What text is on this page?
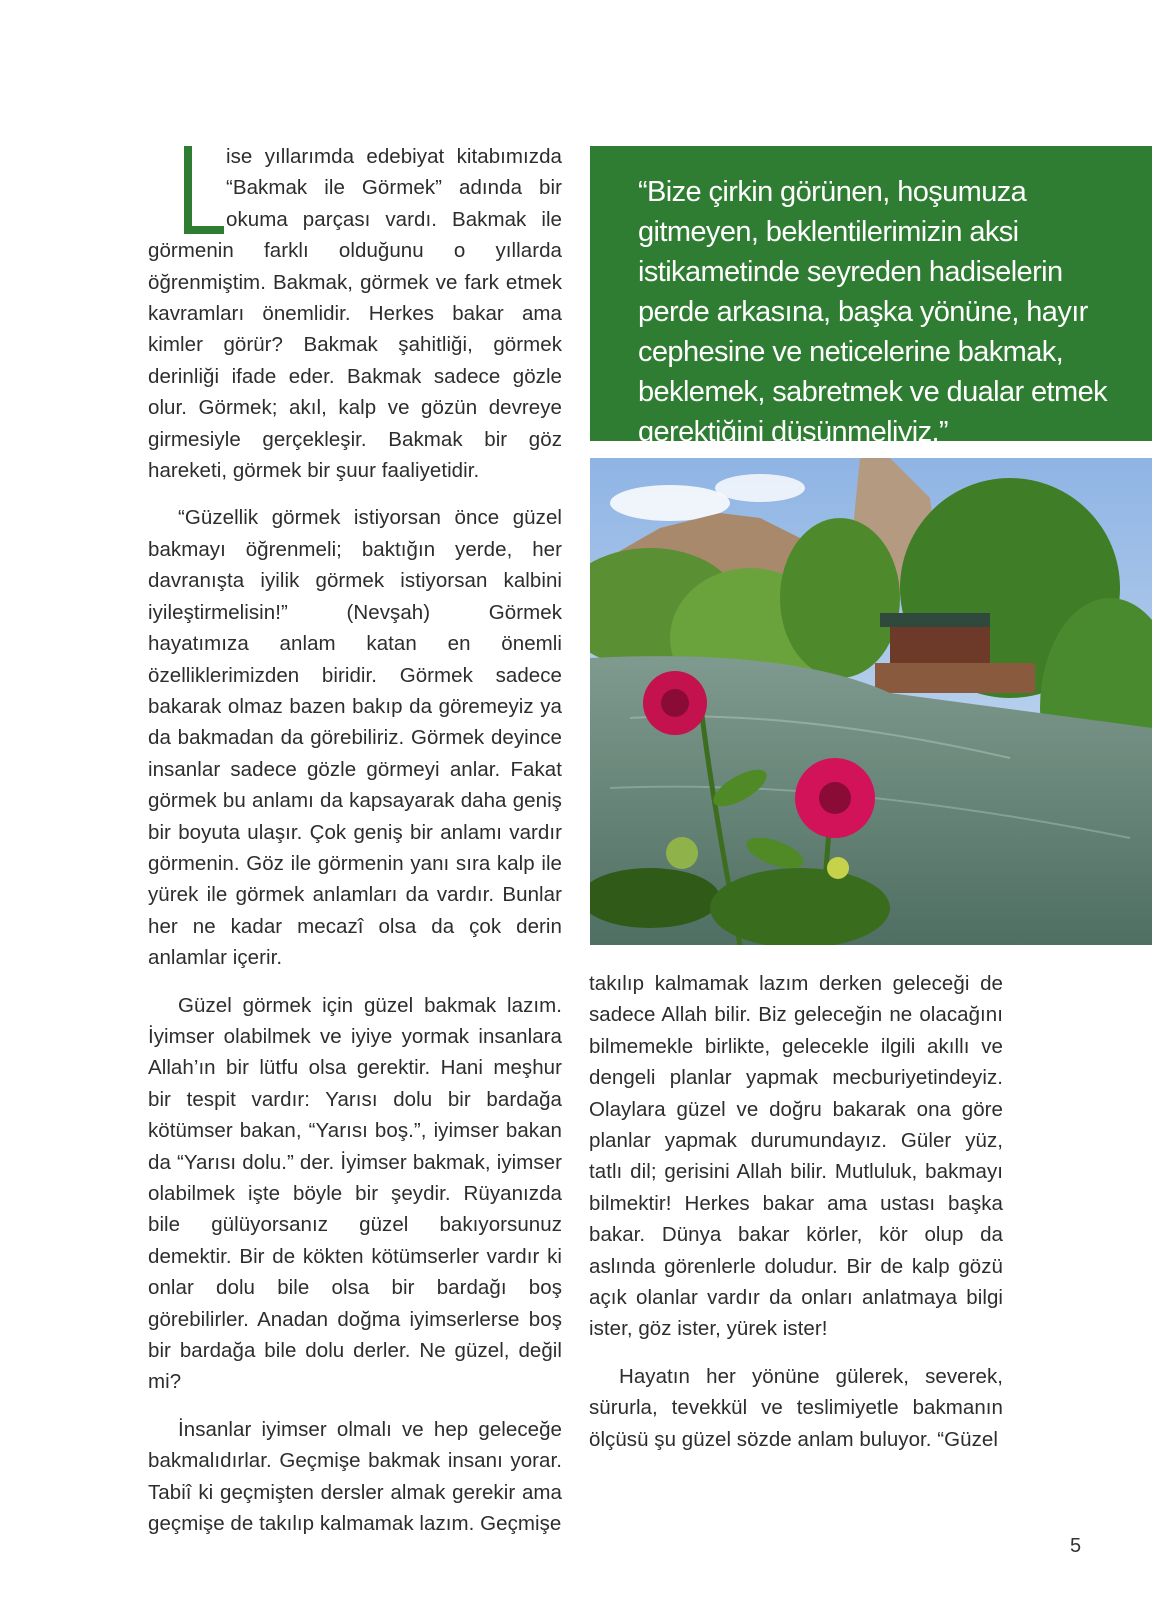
ise yıllarımda edebiyat kitabımızda “Bakmak ile Görmek” adında bir okuma parçası vardı. Bakmak ile görmenin farklı olduğunu o yıllarda öğrenmiştim. Bakmak, görmek ve fark etmek kavramları önemlidir. Herkes bakar ama kimler görür? Bakmak şahitliği, görmek derinliği ifade eder. Bakmak sadece gözle olur. Görmek; akıl, kalp ve gözün devreye girmesiyle gerçekleşir. Bakmak bir göz hareketi, görmek bir şuur faaliyetidir.

“Güzellik görmek istiyorsan önce güzel bakmayı öğrenmeli; baktığın yerde, her davranışta iyilik görmek istiyorsan kalbini iyileştirmelisin!” (Nevşah) Görmek hayatımıza anlam katan en önemli özelliklerimizden biridir. Görmek sadece bakarak olmaz bazen bakıp da göremeyiz ya da bakmadan da görebiliriz. Görmek deyince insanlar sadece gözle görmeyi anlar. Fakat görmek bu anlamı da kapsayarak daha geniş bir boyuta ulaşır. Çok geniş bir anlamı vardır görmenin. Göz ile görmenin yanı sıra kalp ile yürek ile görmek anlamları da vardır. Bunlar her ne kadar mecazî olsa da çok derin anlamlar içerir.

Güzel görmek için güzel bakmak lazım. İyimser olabilmek ve iyiye yormak insanlara Allah’ın bir lütfu olsa gerektir. Hani meşhur bir tespit vardır: Yarısı dolu bir bardağa kötümser bakan, “Yarısı boş.”, iyimser bakan da “Yarısı dolu.” der. İyimser bakmak, iyimser olabilmek işte böyle bir şeydir. Rüyanızda bile gülüyorsanız güzel bakıyorsunuz demektir. Bir de kökten kötümserler vardır ki onlar dolu bile olsa bir bardağı boş görebilirler. Anadan doğma iyimserlerse boş bir bardağa bile dolu derler. Ne güzel, değil mi?

İnsanlar iyimser olmalı ve hep geleceğe bakmalıdırlar. Geçmişe bakmak insanı yorar. Tabiî ki geçmişten dersler almak gerekir ama geçmişe de takılıp kalmamak lazım. Geçmişe

“Bize çirkin görünen, hoşumuza gitmeyen, beklentilerimizin aksi istikametinde seyreden hadiselerin perde arkasına, başka yönüne, hayır cephesine ve neticelerine bakmak, beklemek, sabretmek ve dualar etmek gerektiğini düşünmeliyiz.”

takılıp kalmamak lazım derken geleceği de sadece Allah bilir. Biz geleceğin ne olacağını bilmemekle birlikte, gelecekle ilgili akıllı ve dengeli planlar yapmak mecburiyetindeyiz. Olaylara güzel ve doğru bakarak ona göre planlar yapmak durumundayız. Güler yüz, tatlı dil; gerisini Allah bilir. Mutluluk, bakmayı bilmektir! Herkes bakar ama ustası başka bakar. Dünya bakar körler, kör olup da aslında görenlerle doludur. Bir de kalp gözü açık olanlar vardır da onları anlatmaya bilgi ister, göz ister, yürek ister!

Hayatın her yönüne gülerek, severek, sürurla, tevekkül ve teslimiyetle bakmanın ölçüsü şu güzel sözde anlam buluyor. “Güzel

5
